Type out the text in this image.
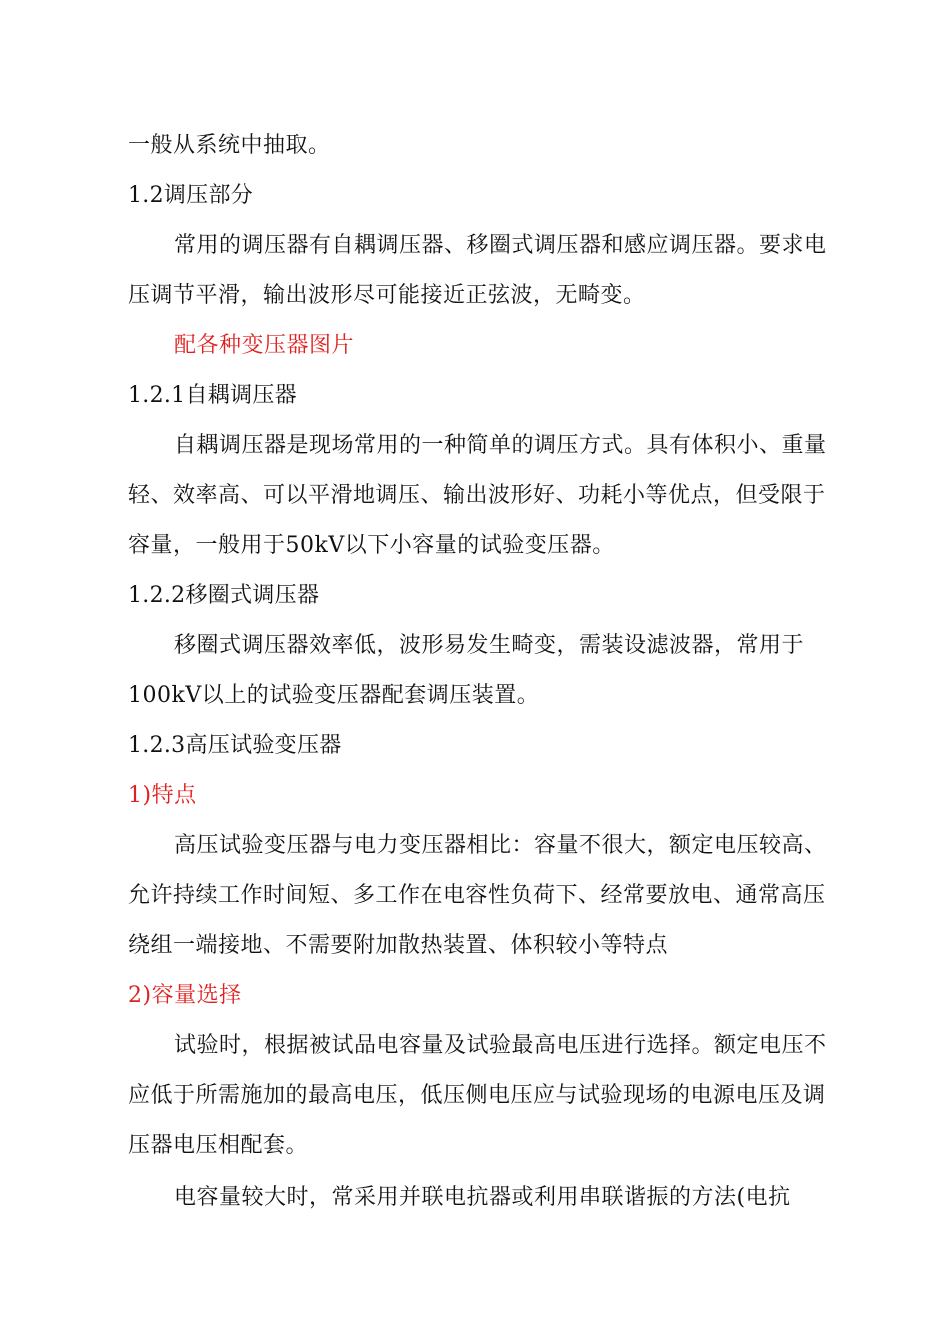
一般从系统中抽取。
1.2调压部分
常用的调压器有自耦调压器、移圈式调压器和感应调压器。要求电
压调节平滑，输出波形尽可能接近正弦波，无畸变。
配各种变压器图片
1.2.1自耦调压器
自耦调压器是现场常用的一种简单的调压方式。具有体积小、重量
轻、效率高、可以平滑地调压、输出波形好、功耗小等优点，但受限于
容量，一般用于50kV以下小容量的试验变压器。
1.2.2移圈式调压器
移圈式调压器效率低，波形易发生畸变，需装设滤波器，常用于
100kV以上的试验变压器配套调压装置。
1.2.3高压试验变压器
1)特点
高压试验变压器与电力变压器相比：容量不很大，额定电压较高、
允许持续工作时间短、多工作在电容性负荷下、经常要放电、通常高压
绕组一端接地、不需要附加散热装置、体积较小等特点
2)容量选择
试验时，根据被试品电容量及试验最高电压进行选择。额定电压不
应低于所需施加的最高电压，低压侧电压应与试验现场的电源电压及调
压器电压相配套。
电容量较大时，常采用并联电抗器或利用串联谐振的方法(电抗
